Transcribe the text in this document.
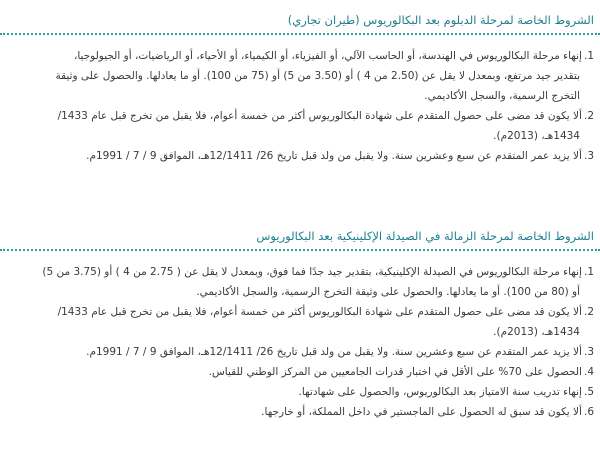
الشروط الخاصة لمرحلة الدبلوم بعد البكالوريوس (طيران تجاري)
1.إنهاء مرحلة البكالوريوس في الهندسة، أو الحاسب الآلي، أو الفيزياء، أو الكيمياء، أو الأحياء، أو الرياضيات، أو الجيولوجيا،
بتقدير جيد مرتفع، وبمعدل لا يقل عن (2.50 من 4 ) أو (3.50 من 5) أو (75 من 100). أو ما يعادلها. والحصول على وثيقة
التخرج الرسمية، والسجل الأكاديمي.
2.ألا يكون قد مضى على حصول المتقدم على شهادة البكالوريوس أكثر من خمسة أعوام، فلا يقبل من تخرج قبل عام 1433/
1434هـ، (2013م).
3.ألا يزيد عمر المتقدم عن سبع وعشرين سنة. ولا يقبل من ولد قبل تاريخ 26/ 12/1411هـ، الموافق 9 / 7 / 1991م.
الشروط الخاصة لمرحلة الزمالة في الصيدلة الإكلينيكية بعد البكالوريوس
1.إنهاء مرحلة البكالوريوس في الصيدلة الإكلينيكية، بتقدير جيد جدًا فما فوق، وبمعدل لا يقل عن ( 2.75 من 4 ) أو (3.75 من 5)
أو (80 من 100). أو ما يعادلها. والحصول على وثيقة التخرج الرسمية، والسجل الأكاديمي.
2.ألا يكون قد مضى على حصول المتقدم على شهادة البكالوريوس أكثر من خمسة أعوام، فلا يقبل من تخرج قبل عام 1433/
1434هـ، (2013م).
3.ألا يزيد عمر المتقدم عن سبع وعشرين سنة. ولا يقبل من ولد قبل تاريخ 26/ 12/1411هـ، الموافق 9 / 7 / 1991م.
4.الحصول على 70% على الأقل في اختبار قدرات الجامعيين من المركز الوطني للقياس.
5.إنهاء تدريب سنة الامتياز بعد البكالوريوس، والحصول على شهادتها.
6.ألا يكون قد سبق له الحصول على الماجستير في داخل المملكة، أو خارجها.
